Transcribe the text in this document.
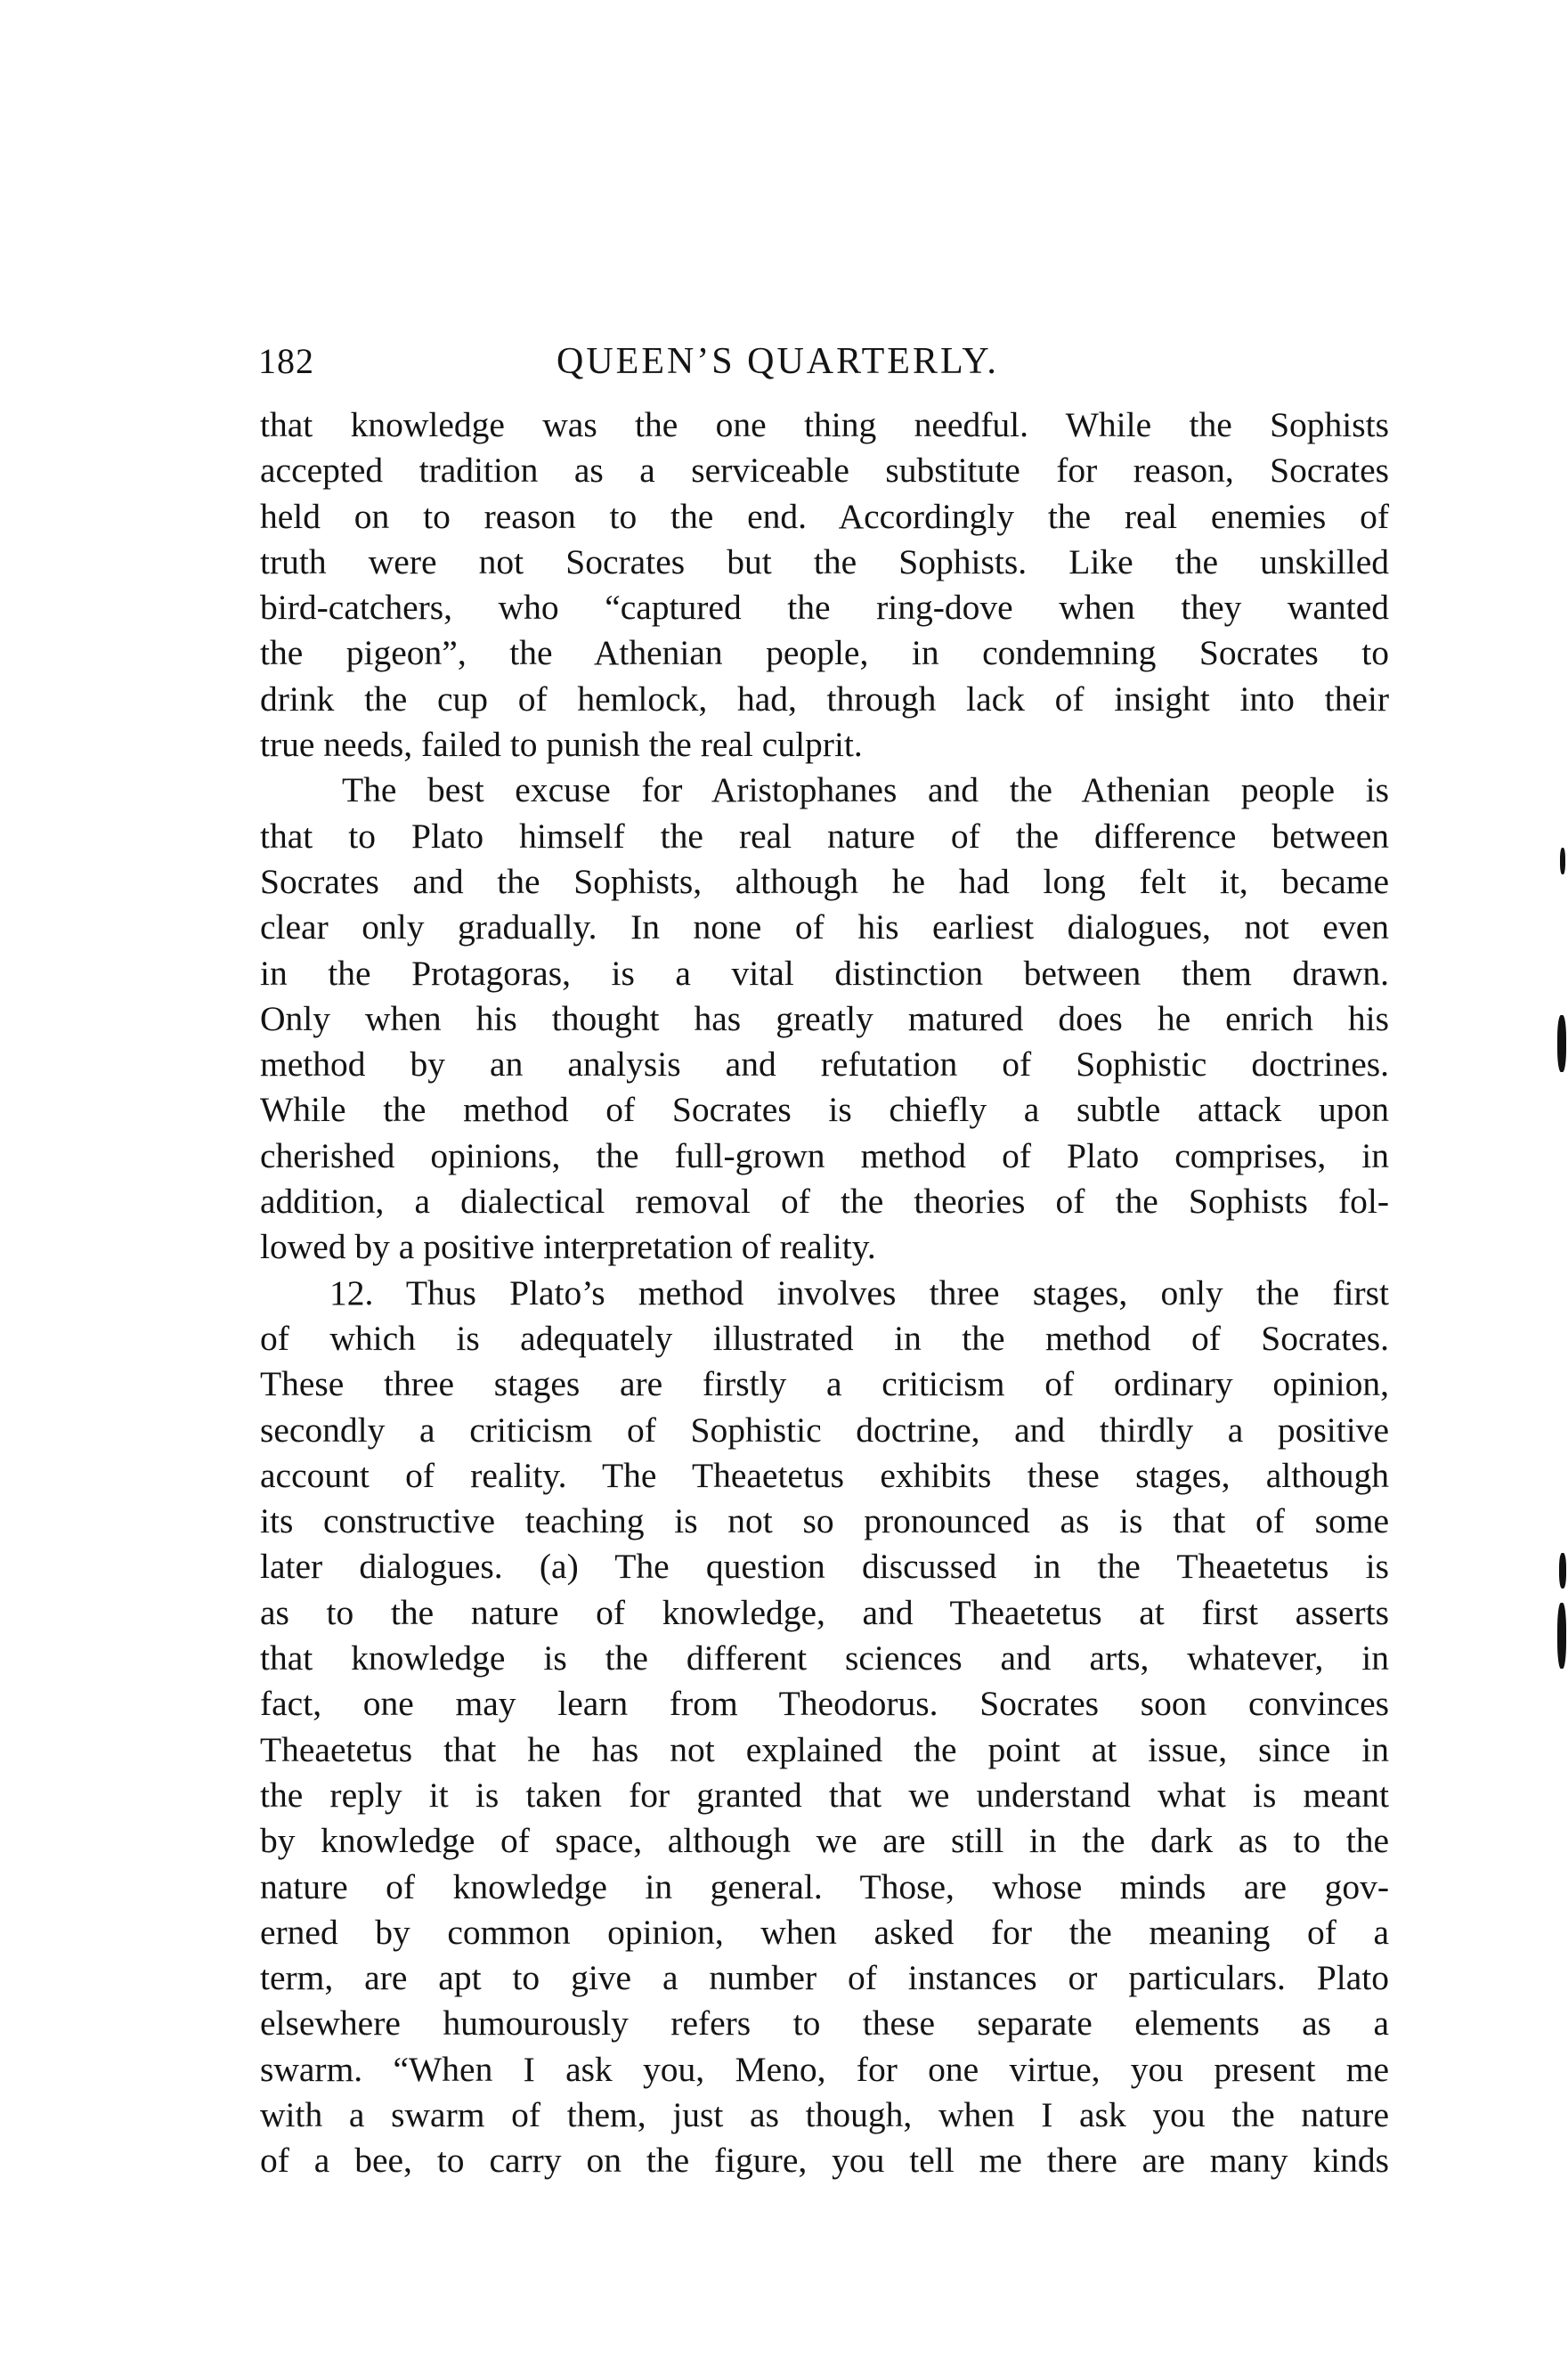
182	QUEEN’S QUARTERLY.
that knowledge was the one thing needful. While the Sophists
accepted tradition as a serviceable substitute for reason, Socrates
held on to reason to the end. Accordingly the real enemies of
truth were not Socrates but the Sophists. Like the unskilled
bird-catchers, who “captured the ring-dove when they wanted
the pigeon”, the Athenian people, in condemning Socrates to
drink the cup of hemlock, had, through lack of insight into their
true needs, failed to punish the real culprit.
The best excuse for Aristophanes and the Athenian people is
that to Plato himself the real nature of the difference between
Socrates and the Sophists, although he had long felt it, became
clear only gradually. In none of his earliest dialogues, not even
in the Protagoras, is a vital distinction between them drawn.
Only when his thought has greatly matured does he enrich his
method by an analysis and refutation of Sophistic doctrines.
While the method of Socrates is chiefly a subtle attack upon
cherished opinions, the full-grown method of Plato comprises, in
addition, a dialectical removal of the theories of the Sophists fol-
lowed by a positive interpretation of reality.
12. Thus Plato’s method involves three stages, only the first
of which is adequately illustrated in the method of Socrates.
These three stages are firstly a criticism of ordinary opinion,
secondly a criticism of Sophistic doctrine, and thirdly a positive
account of reality. The Theaetetus exhibits these stages, although
its constructive teaching is not so pronounced as is that of some
later dialogues. (a) The question discussed in the Theaetetus is
as to the nature of knowledge, and Theaetetus at first asserts
that knowledge is the different sciences and arts, whatever, in
fact, one may learn from Theodorus. Socrates soon convinces
Theaetetus that he has not explained the point at issue, since in
the reply it is taken for granted that we understand what is meant
by knowledge of space, although we are still in the dark as to the
nature of knowledge in general. Those, whose minds are gov-
erned by common opinion, when asked for the meaning of a
term, are apt to give a number of instances or particulars. Plato
elsewhere humourously refers to these separate elements as a
swarm. “When I ask you, Meno, for one virtue, you present me
with a swarm of them, just as though, when I ask you the nature
of a bee, to carry on the figure, you tell me there are many kinds
